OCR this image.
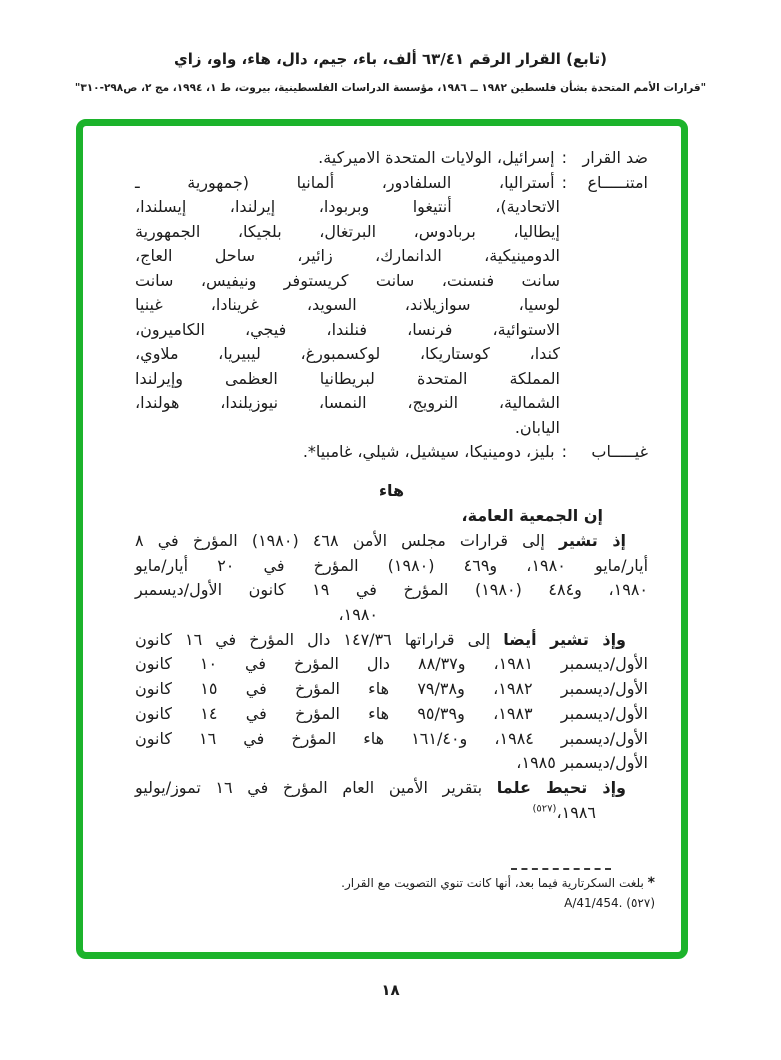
(تابع) القرار الرقم ٦٣/٤١ ألف، باء، جيم، دال، هاء، واو، زاي
"قرارات الأمم المتحدة بشأن فلسطين ١٩٨٢ ــ ١٩٨٦، مؤسسة الدراسات الفلسطينية، بيروت، ط ١، ١٩٩٤، مج ٢، ص٢٩٨-٣١٠"
ضد القرار
:
إسرائيل، الولايات المتحدة الاميركية.
امتنـــــاع
:
أستراليا، السلفادور، ألمانيا (جمهورية ـ
الاتحادية)، أنتيغوا وبربودا، إيرلندا، إيسلندا،
إيطاليا، بربادوس، البرتغال، بلجيكا، الجمهورية
الدومينيكية، الدانمارك، زائير، ساحل العاج،
سانت فنسنت، سانت كريستوفر ونيفيس، سانت
لوسيا، سوازيلاند، السويد، غرينادا، غينيا
الاستوائية، فرنسا، فنلندا، فيجي، الكاميرون،
كندا، كوستاريكا، لوكسمبورغ، ليبيريا، ملاوي،
المملكة المتحدة لبريطانيا العظمى وإيرلندا
الشمالية، النرويج، النمسا، نيوزيلندا، هولندا،
اليابان.
غيـــــاب
:
بليز، دومينيكا، سيشيل، شيلي، غامبيا*.
هاء
إن الجمعية العامة،
إذ تشير إلى قرارات مجلس الأمن ٤٦٨ (١٩٨٠) المؤرخ في ٨
أيار/مايو ١٩٨٠، و٤٦٩ (١٩٨٠) المؤرخ في ٢٠ أيار/مايو
١٩٨٠، و٤٨٤ (١٩٨٠) المؤرخ في ١٩ كانون الأول/ديسمبر
١٩٨٠،
وإذ تشير أيضا إلى قراراتها ١٤٧/٣٦ دال المؤرخ في ١٦ كانون
الأول/ديسمبر ١٩٨١، و٨٨/٣٧ دال المؤرخ في ١٠ كانون
الأول/ديسمبر ١٩٨٢، و٧٩/٣٨ هاء المؤرخ في ١٥ كانون
الأول/ديسمبر ١٩٨٣، و٩٥/٣٩ هاء المؤرخ في ١٤ كانون
الأول/ديسمبر ١٩٨٤، و١٦١/٤٠ هاء المؤرخ في ١٦ كانون
الأول/ديسمبر ١٩٨٥،
وإذ تحيط علما بتقرير الأمين العام المؤرخ في ١٦ تموز/يوليو
١٩٨٦،$^{(٥٢٧)}$
* بلغت السكرتارية فيما بعد، أنها كانت تنوي التصويت مع القرار.
(٥٢٧) A/41/454.
١٨
